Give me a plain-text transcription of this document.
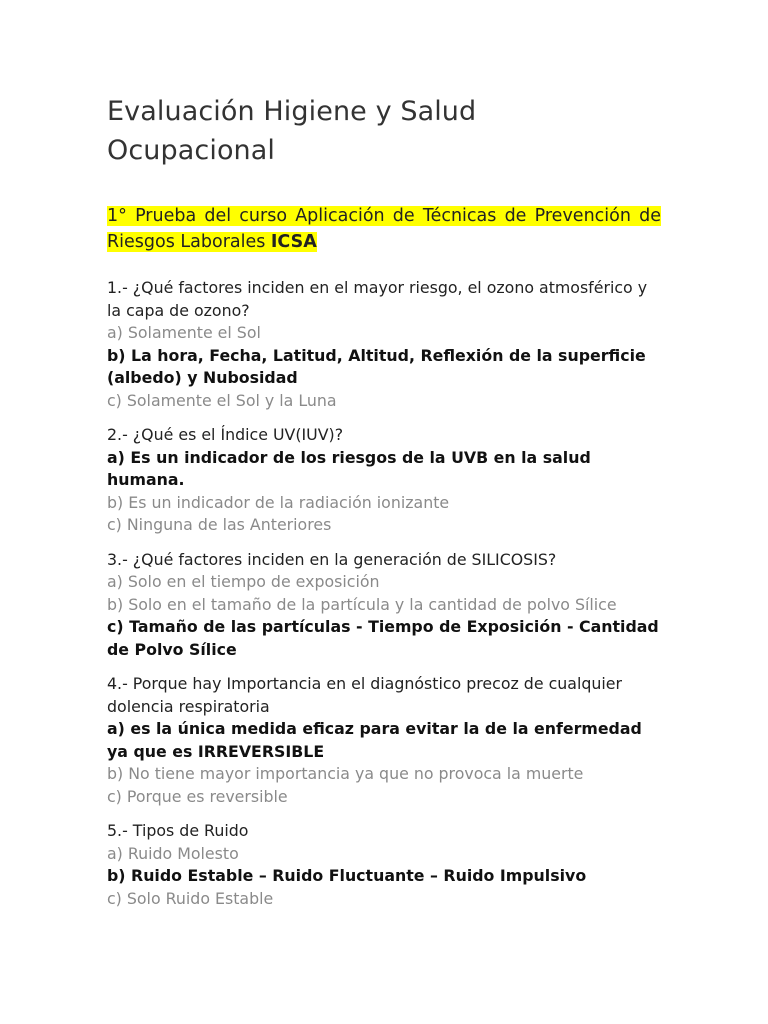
Evaluación Higiene y Salud
Ocupacional
1° Prueba del curso Aplicación de Técnicas de Prevención de Riesgos Laborales ICSA

1.- ¿Qué factores inciden en el mayor riesgo, el ozono atmosférico y la capa de ozono?

a) Solamente el Sol

b) La hora, Fecha, Latitud, Altitud, Reflexión de la superficie (albedo) y Nubosidad

c) Solamente el Sol y la Luna

2.- ¿Qué es el Índice UV(IUV)?

a) Es un indicador de los riesgos de la UVB en la salud humana.

b) Es un indicador de la radiación ionizante

c) Ninguna de las Anteriores

3.- ¿Qué factores inciden en la generación de SILICOSIS?

a) Solo en el tiempo de exposición

b) Solo en el tamaño de la partícula y la cantidad de polvo Sílice

c) Tamaño de las partículas - Tiempo de Exposición - Cantidad de Polvo Sílice

4.- Porque hay Importancia en el diagnóstico precoz de cualquier dolencia respiratoria

a) es la única medida eficaz para evitar la de la enfermedad ya que es IRREVERSIBLE

b) No tiene mayor importancia ya que no provoca la muerte

c) Porque es reversible

5.- Tipos de Ruido

a) Ruido Molesto

b) Ruido Estable – Ruido Fluctuante – Ruido Impulsivo

c) Solo Ruido Estable
